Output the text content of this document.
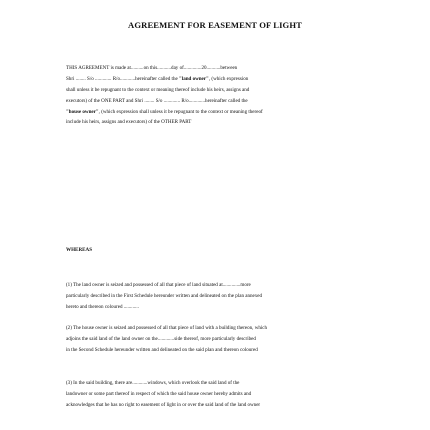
AGREEMENT FOR EASEMENT OF LIGHT
THIS AGREEMENT is made at..........on this...........day of..............20...........between
Shri ........ S/o ............. R/o............hereinafter called the "land owner", (which expression
shall unless it be repugnant to the context or meaning thereof include his heirs, assigns and
executors) of the ONE PART and Shri ........ S/o ............. R/o.............hereinafter called the
"house owner", (which expression shall unless it be repugnant to the context or meaning thereof
include his heirs, assigns and executors) of the OTHER PART
WHEREAS
(1) The land owner is seized and possessed of all that piece of land situated at..............more
particularly described in the First Schedule hereunder written and delineated on the plan annexed
hereto and thereon coloured ............
(2) The house owner is seized and possessed of all that piece of land with a building thereon, which
adjoins the said land of the land owner on the.............side thereof, more particularly described
in the Second Schedule hereunder written and delineated on the said plan and thereon coloured
(3) In the said building, there are............windows, which overlook the said land of the
landowner or some part thereof in respect of which the said house owner hereby admits and
acknowledges that he has no right to easement of light in or over the said land of the land owner
